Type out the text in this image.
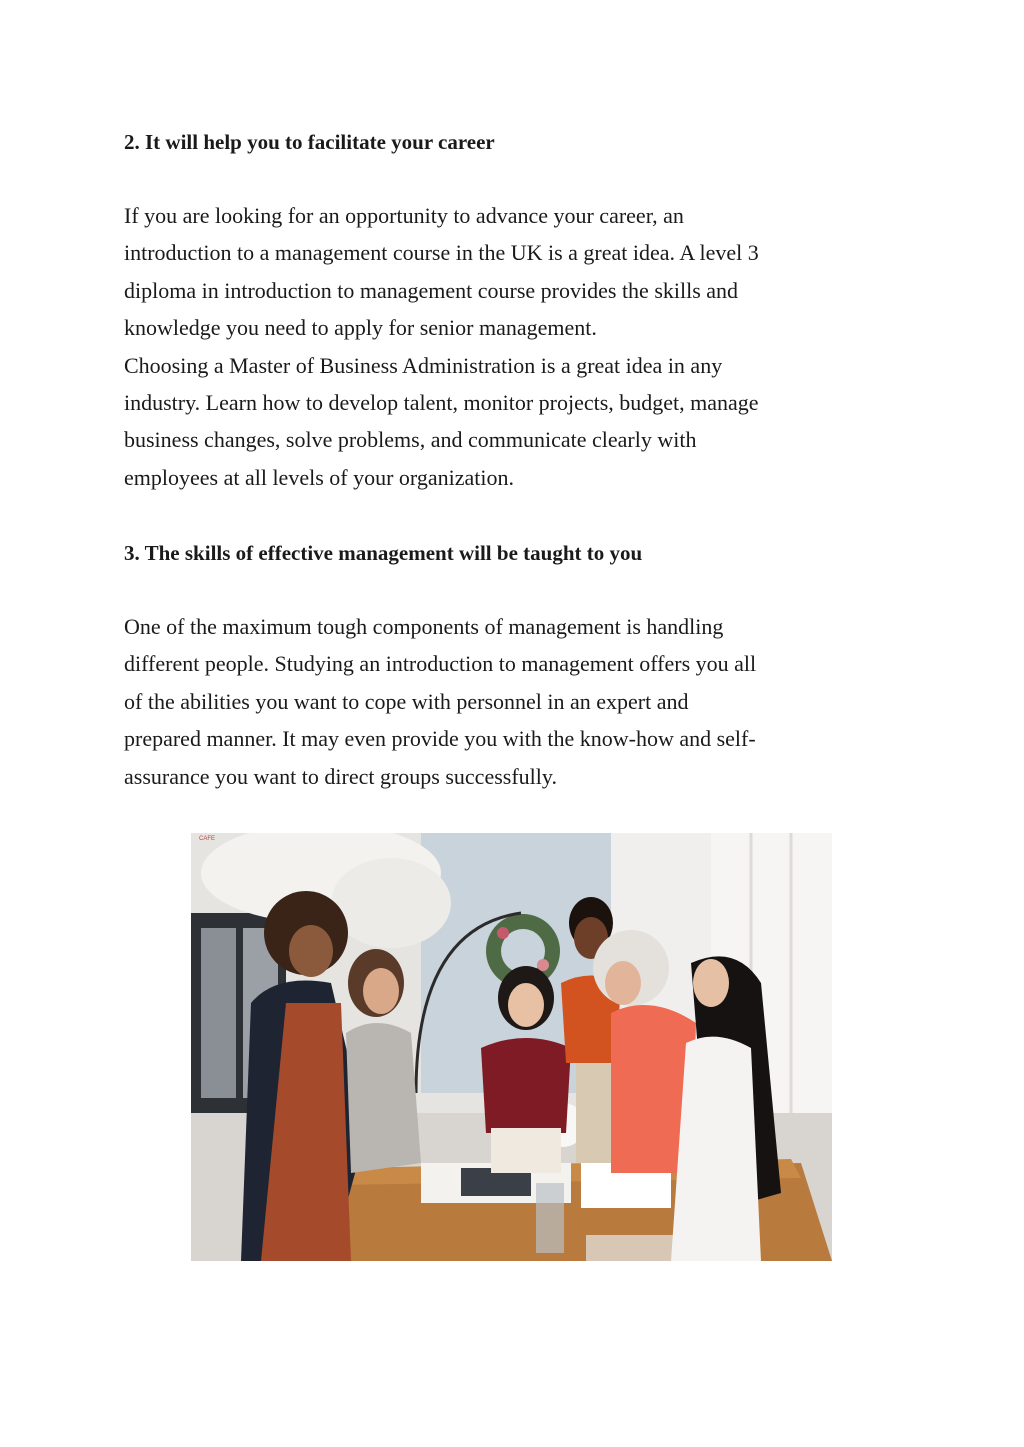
2. It will help you to facilitate your career
If you are looking for an opportunity to advance your career, an
introduction to a management course in the UK is a great idea. A level 3
diploma in introduction to management course provides the skills and
knowledge you need to apply for senior management.
Choosing a Master of Business Administration is a great idea in any
industry. Learn how to develop talent, monitor projects, budget, manage
business changes, solve problems, and communicate clearly with
employees at all levels of your organization.
3. The skills of effective management will be taught to you
One of the maximum tough components of management is handling
different people. Studying an introduction to management offers you all
of the abilities you want to cope with personnel in an expert and
prepared manner. It may even provide you with the know-how and self-
assurance you want to direct groups successfully.
CAFE
